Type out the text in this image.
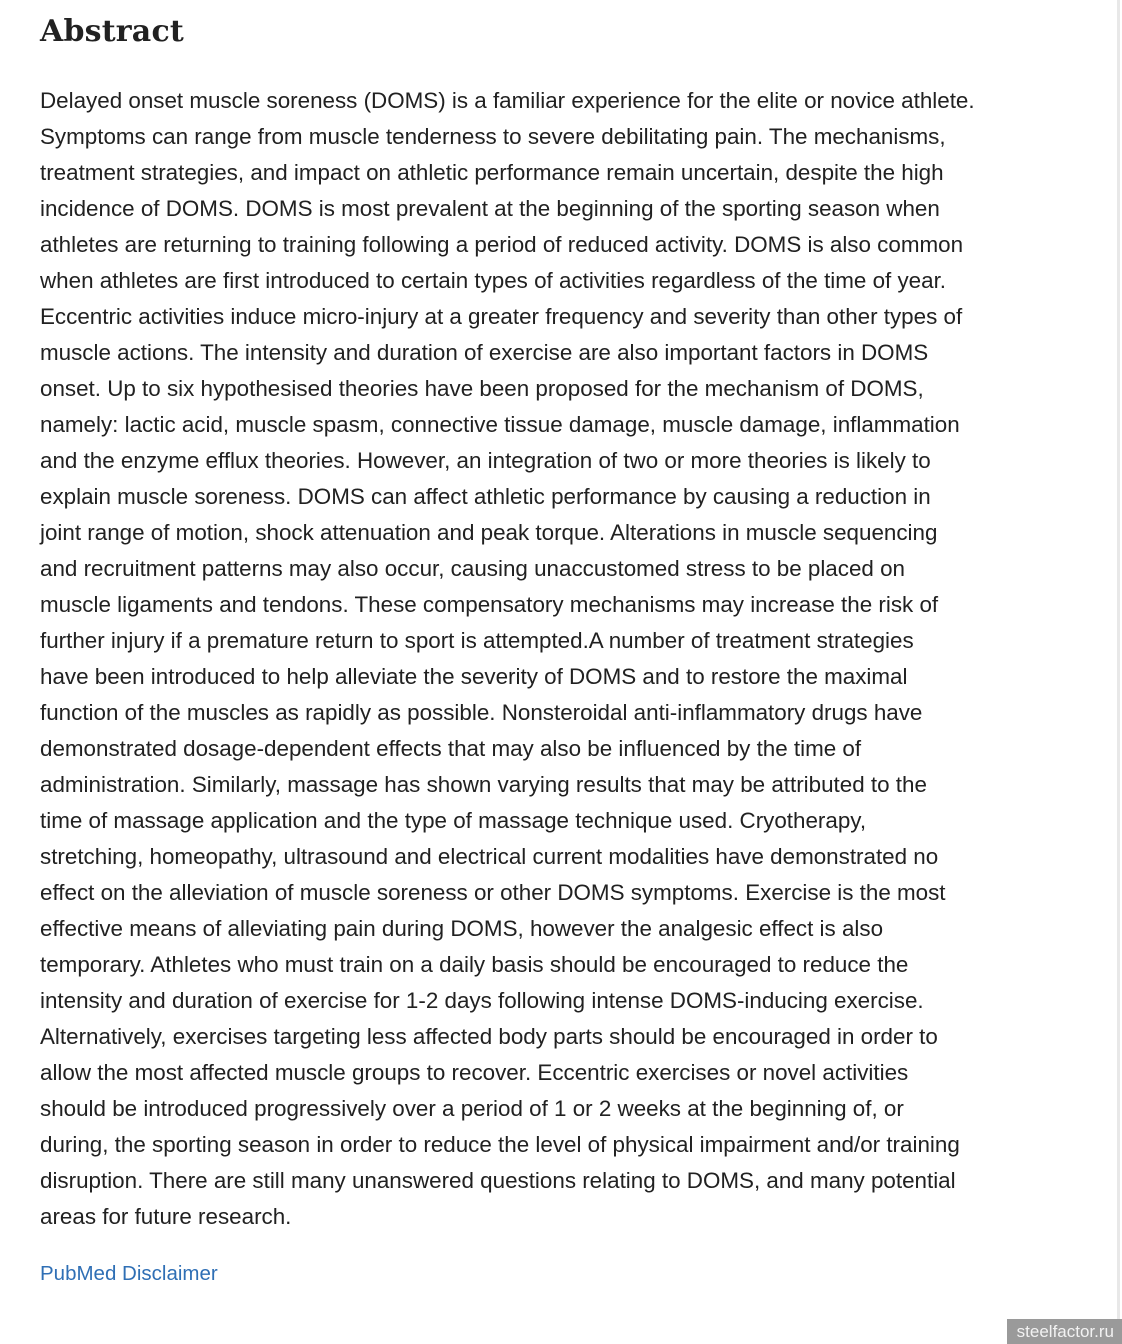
Abstract

Delayed onset muscle soreness (DOMS) is a familiar experience for the elite or novice athlete.
Symptoms can range from muscle tenderness to severe debilitating pain. The mechanisms,
treatment strategies, and impact on athletic performance remain uncertain, despite the high
incidence of DOMS. DOMS is most prevalent at the beginning of the sporting season when
athletes are returning to training following a period of reduced activity. DOMS is also common
when athletes are first introduced to certain types of activities regardless of the time of year.
Eccentric activities induce micro-injury at a greater frequency and severity than other types of
muscle actions. The intensity and duration of exercise are also important factors in DOMS
onset. Up to six hypothesised theories have been proposed for the mechanism of DOMS,
namely: lactic acid, muscle spasm, connective tissue damage, muscle damage, inflammation
and the enzyme efflux theories. However, an integration of two or more theories is likely to
explain muscle soreness. DOMS can affect athletic performance by causing a reduction in
joint range of motion, shock attenuation and peak torque. Alterations in muscle sequencing
and recruitment patterns may also occur, causing unaccustomed stress to be placed on
muscle ligaments and tendons. These compensatory mechanisms may increase the risk of
further injury if a premature return to sport is attempted.A number of treatment strategies
have been introduced to help alleviate the severity of DOMS and to restore the maximal
function of the muscles as rapidly as possible. Nonsteroidal anti-inflammatory drugs have
demonstrated dosage-dependent effects that may also be influenced by the time of
administration. Similarly, massage has shown varying results that may be attributed to the
time of massage application and the type of massage technique used. Cryotherapy,
stretching, homeopathy, ultrasound and electrical current modalities have demonstrated no
effect on the alleviation of muscle soreness or other DOMS symptoms. Exercise is the most
effective means of alleviating pain during DOMS, however the analgesic effect is also
temporary. Athletes who must train on a daily basis should be encouraged to reduce the
intensity and duration of exercise for 1-2 days following intense DOMS-inducing exercise.
Alternatively, exercises targeting less affected body parts should be encouraged in order to
allow the most affected muscle groups to recover. Eccentric exercises or novel activities
should be introduced progressively over a period of 1 or 2 weeks at the beginning of, or
during, the sporting season in order to reduce the level of physical impairment and/or training
disruption. There are still many unanswered questions relating to DOMS, and many potential
areas for future research.

PubMed Disclaimer
steelfactor.ru
